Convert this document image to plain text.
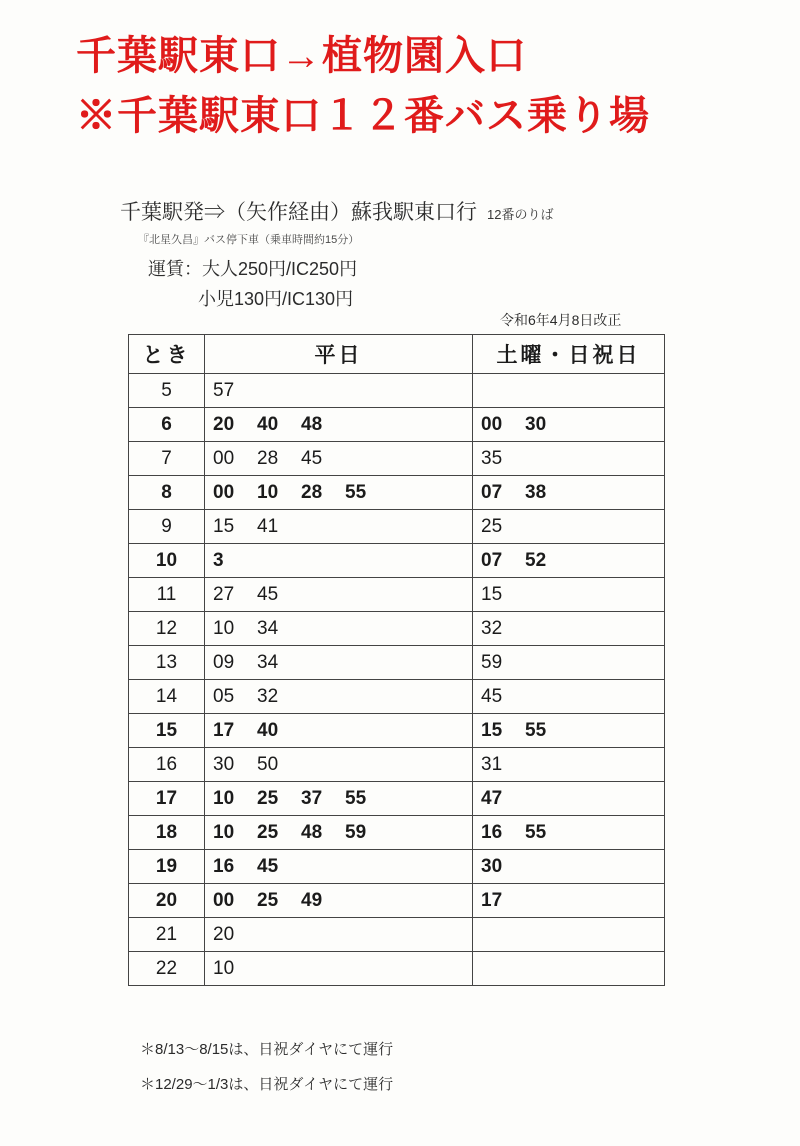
千葉駅東口→植物園入口
※千葉駅東口１２番バス乗り場
千葉駅発⇒（矢作経由）蘇我駅東口行 12番のりば
『北星久昌』バス停下車（乗車時間約15分）
運賃：大人250円/IC250円
小児130円/IC130円
令和6年4月8日改正
とき	平日	土曜・日祝日
5	57	
6	20 40 48	00 30
7	00 28 45	35
8	00 10 28 55	07 38
9	15 41	25
10	3	07 52
11	27 45	15
12	10 34	32
13	09 34	59
14	05 32	45
15	17 40	15 55
16	30 50	31
17	10 25 37 55	47
18	10 25 48 59	16 55
19	16 45	30
20	00 25 49	17
21	20	
22	10	
＊8/13～8/15は、日祝ダイヤにて運行
＊12/29～1/3は、日祝ダイヤにて運行
